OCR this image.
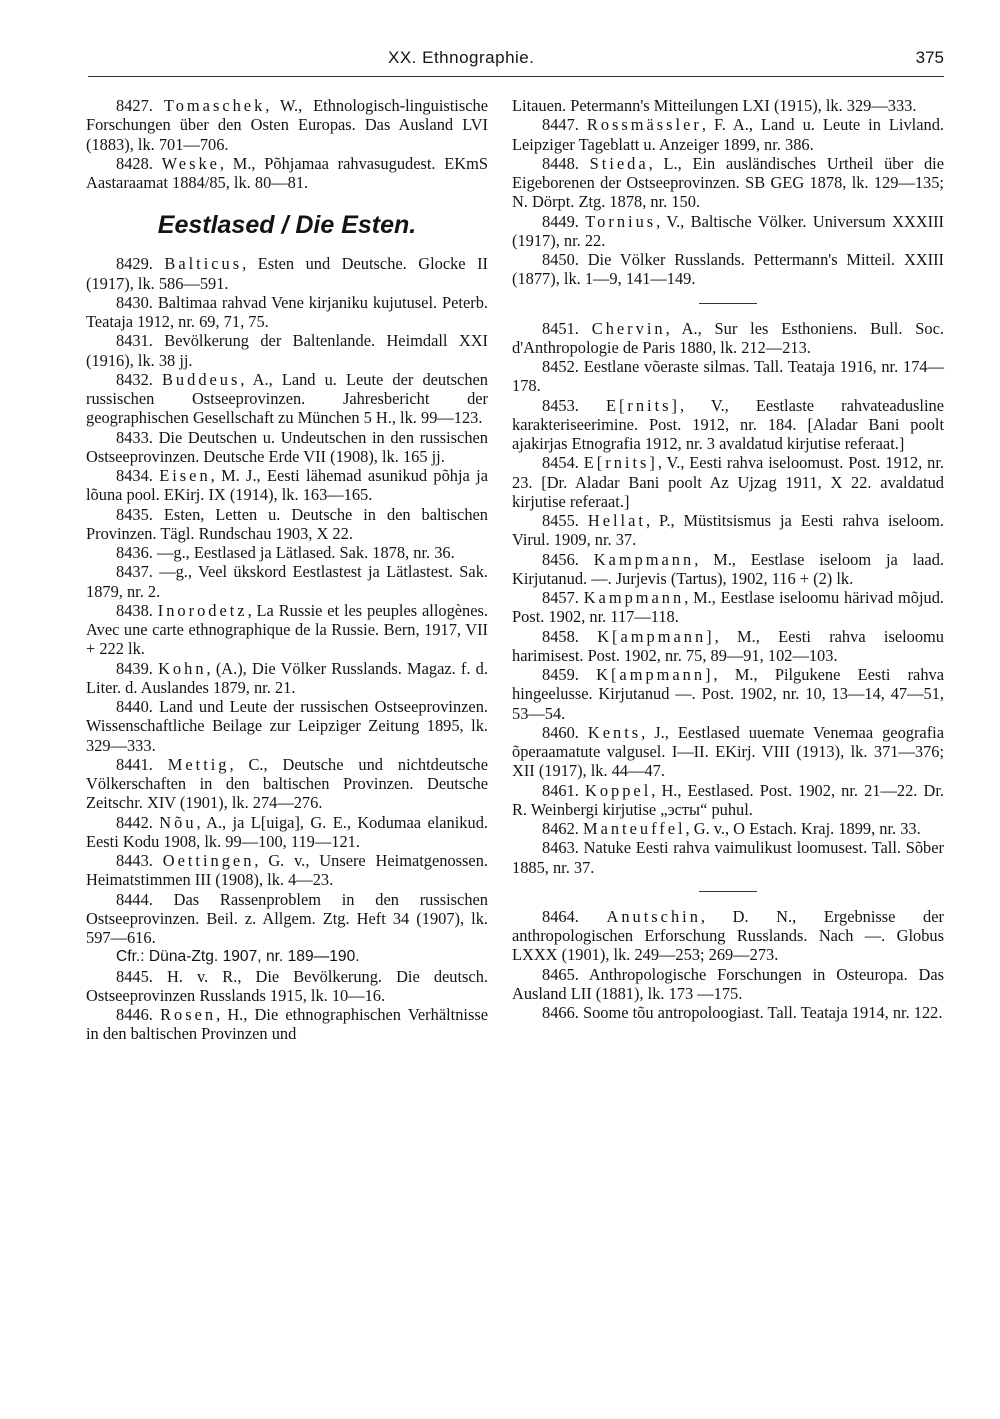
XX. Ethnographie.	375

8427. Tomaschek, W., Ethnologisch-linguistische Forschungen über den Osten Europas. Das Ausland LVI (1883), lk. 701—706.

8428. Weske, M., Põhjamaa rahvasugudest. EKmS Aastaraamat 1884/85, lk. 80—81.

Eestlased / Die Esten.

8429. Balticus, Esten und Deutsche. Glocke II (1917), lk. 586—591.

8430. Baltimaa rahvad Vene kirjaniku kujutusel. Peterb. Teataja 1912, nr. 69, 71, 75.

8431. Bevölkerung der Baltenlande. Heimdall XXI (1916), lk. 38 jj.

8432. Buddeus, A., Land u. Leute der deutschen russischen Ostseeprovinzen. Jahresbericht der geographischen Gesellschaft zu München 5 H., lk. 99—123.

8433. Die Deutschen u. Undeutschen in den russischen Ostseeprovinzen. Deutsche Erde VII (1908), lk. 165 jj.

8434. Eisen, M. J., Eesti lähemad asunikud põhja ja lõuna pool. EKirj. IX (1914), lk. 163—165.

8435. Esten, Letten u. Deutsche in den baltischen Provinzen. Tägl. Rundschau 1903, X 22.

8436. —g., Eestlased ja Lätlased. Sak. 1878, nr. 36.

8437. —g., Veel ükskord Eestlastest ja Lätlastest. Sak. 1879, nr. 2.

8438. Inorodetz, La Russie et les peuples allogènes. Avec une carte ethnographique de la Russie. Bern, 1917, VII + 222 lk.

8439. Kohn, (A.), Die Völker Russlands. Magaz. f. d. Liter. d. Auslandes 1879, nr. 21.

8440. Land und Leute der russischen Ostseeprovinzen. Wissenschaftliche Beilage zur Leipziger Zeitung 1895, lk. 329—333.

8441. Mettig, C., Deutsche und nichtdeutsche Völkerschaften in den baltischen Provinzen. Deutsche Zeitschr. XIV (1901), lk. 274—276.

8442. Nõu, A., ja L[uiga], G. E., Kodumaa elanikud. Eesti Kodu 1908, lk. 99—100, 119—121.

8443. Oettingen, G. v., Unsere Heimatgenossen. Heimatstimmen III (1908), lk. 4—23.

8444. Das Rassenproblem in den russischen Ostseeprovinzen. Beil. z. Allgem. Ztg. Heft 34 (1907), lk. 597—616.

Cfr.: Düna-Ztg. 1907, nr. 189—190.

8445. H. v. R., Die Bevölkerung. Die deutsch. Ostseeprovinzen Russlands 1915, lk. 10—16.

8446. Rosen, H., Die ethnographischen Verhältnisse in den baltischen Provinzen und

Litauen. Petermann's Mitteilungen LXI (1915), lk. 329—333.

8447. Rossmässler, F. A., Land u. Leute in Livland. Leipziger Tageblatt u. Anzeiger 1899, nr. 386.

8448. Stieda, L., Ein ausländisches Urtheil über die Eigeborenen der Ostseeprovinzen. SB GEG 1878, lk. 129—135; N. Dörpt. Ztg. 1878, nr. 150.

8449. Tornius, V., Baltische Völker. Universum XXXIII (1917), nr. 22.

8450. Die Völker Russlands. Pettermann's Mitteil. XXIII (1877), lk. 1—9, 141—149.

8451. Chervin, A., Sur les Esthoniens. Bull. Soc. d'Anthropologie de Paris 1880, lk. 212—213.

8452. Eestlane võeraste silmas. Tall. Teataja 1916, nr. 174—178.

8453. E[rnits], V., Eestlaste rahvateadusline karakteriseerimine. Post. 1912, nr. 184. [Aladar Bani poolt ajakirjas Etnografia 1912, nr. 3 avaldatud kirjutise referaat.]

8454. E[rnits], V., Eesti rahva iseloomust. Post. 1912, nr. 23. [Dr. Aladar Bani poolt Az Ujzag 1911, X 22. avaldatud kirjutise referaat.]

8455. Hellat, P., Müstitsismus ja Eesti rahva iseloom. Virul. 1909, nr. 37.

8456. Kampmann, M., Eestlase iseloom ja laad. Kirjutanud. —. Jurjevis (Tartus), 1902, 116 + (2) lk.

8457. Kampmann, M., Eestlase iseloomu härivad mõjud. Post. 1902, nr. 117—118.

8458. K[ampmann], M., Eesti rahva iseloomu harimisest. Post. 1902, nr. 75, 89—91, 102—103.

8459. K[ampmann], M., Pilgukene Eesti rahva hingeelusse. Kirjutanud —. Post. 1902, nr. 10, 13—14, 47—51, 53—54.

8460. Kents, J., Eestlased uuemate Venemaa geografia õperaamatute valgusel. I—II. EKirj. VIII (1913), lk. 371—376; XII (1917), lk. 44—47.

8461. Koppel, H., Eestlased. Post. 1902, nr. 21—22. Dr. R. Weinbergi kirjutise „эсты“ puhul.

8462. Manteuffel, G. v., O Estach. Kraj. 1899, nr. 33.

8463. Natuke Eesti rahva vaimulikust loomusest. Tall. Sõber 1885, nr. 37.

8464. Anutschin, D. N., Ergebnisse der anthropologischen Erforschung Russlands. Nach —. Globus LXXX (1901), lk. 249—253; 269—273.

8465. Anthropologische Forschungen in Osteuropa. Das Ausland LII (1881), lk. 173 —175.

8466. Soome tõu antropoloogiast. Tall. Teataja 1914, nr. 122.
